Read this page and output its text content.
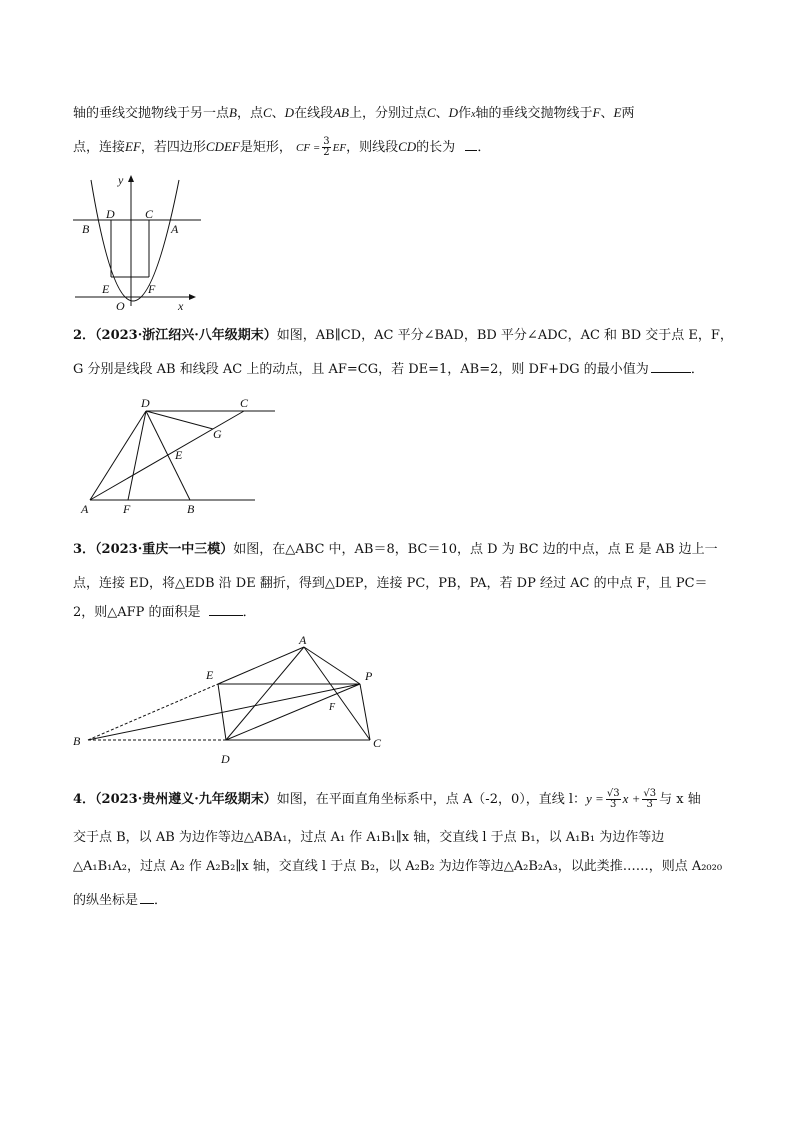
轴的垂线交抛物线于另一点B，点C、D在线段AB上，分别过点C、D作x轴的垂线交抛物线于F、E两
点，连接EF，若四边形CDEF是矩形， CF = $\frac{3}{2}$ EF，则线段CD的长为 ．
y
D	C
B	A
E	F
O	x
2．（2023·浙江绍兴·八年级期末）如图，AB∥CD，AC 平分∠BAD，BD 平分∠ADC，AC 和 BD 交于点 E，F，
G 分别是线段 AB 和线段 AC 上的动点，且 AF=CG，若 DE=1，AB=2，则 DF+DG 的最小值为	．
D	C
G
E
A	F	B
3．（2023·重庆一中三模）如图，在△ABC 中，AB＝8，BC＝10，点 D 为 BC 边的中点，点 E 是 AB 边上一
点，连接 ED，将△EDB 沿 DE 翻折，得到△DEP，连接 PC，PB，PA，若 DP 经过 AC 的中点 F，且 PC＝
2，则△AFP 的面积是	．
A
E	P
F
B
D
C
4．（2023·贵州遵义·九年级期末）如图，在平面直角坐标系中，点 A（-2，0），直线 l：$y = \frac{√3}{3}$ $x + \frac{√3}{3}$ 与 x 轴
交于点 B，以 AB 为边作等边△ABA₁，过点 A₁ 作 A₁B₁∥x 轴，交直线 l 于点 B₁，以 A₁B₁ 为边作等边
△A₁B₁A₂，过点 A₂ 作 A₂B₂∥x 轴，交直线 l 于点 B₂，以 A₂B₂ 为边作等边△A₂B₂A₃，以此类推……，则点 A₂₀₂₀
的纵坐标是 ．
